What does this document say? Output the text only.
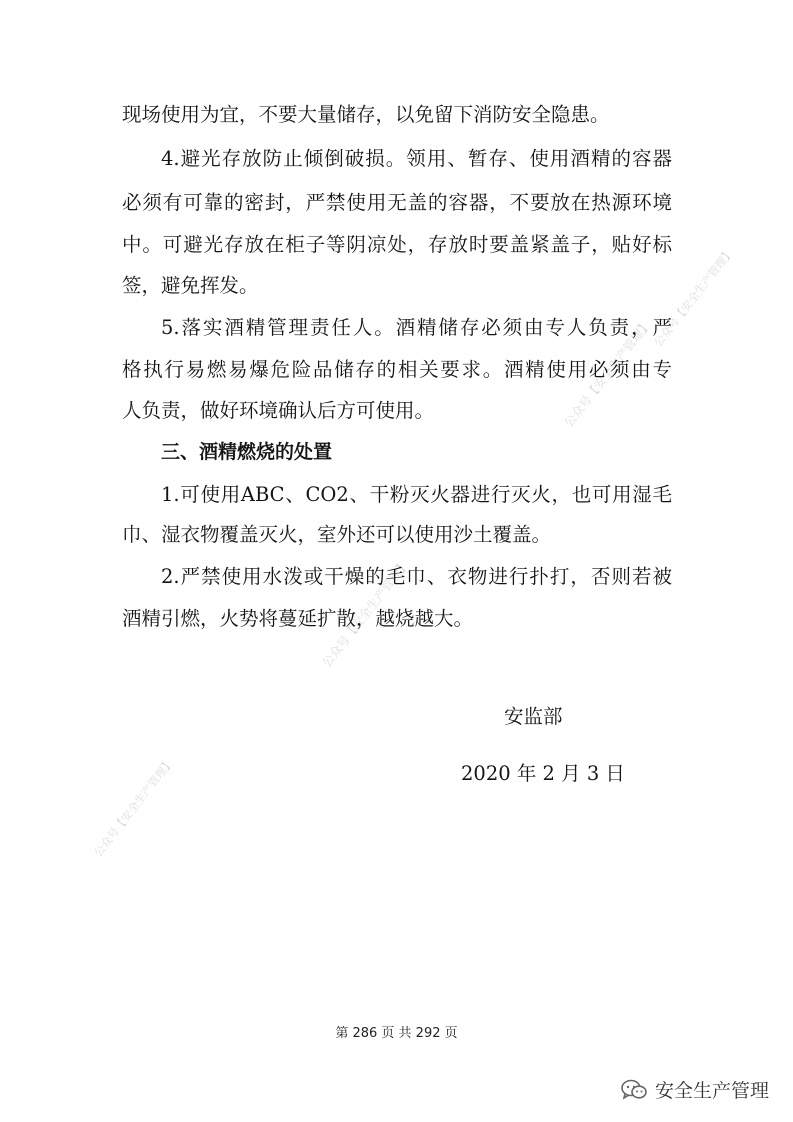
公众号【安全生产管理】
公众号【安全生产管理】
公众号【安全生产管理】
公众号【安全生产管理】
现场使用为宜，不要大量储存，以免留下消防安全隐患。
4.避光存放防止倾倒破损。领用、暂存、使用酒精的容器
必须有可靠的密封，严禁使用无盖的容器，不要放在热源环境
中。可避光存放在柜子等阴凉处，存放时要盖紧盖子，贴好标
签，避免挥发。
5.落实酒精管理责任人。酒精储存必须由专人负责，严
格执行易燃易爆危险品储存的相关要求。酒精使用必须由专
人负责，做好环境确认后方可使用。
三、酒精燃烧的处置
1.可使用ABC、CO2、干粉灭火器进行灭火，也可用湿毛
巾、湿衣物覆盖灭火，室外还可以使用沙土覆盖。
2.严禁使用水泼或干燥的毛巾、衣物进行扑打，否则若被
酒精引燃，火势将蔓延扩散，越烧越大。
安监部
2020 年 2 月 3 日
第 286 页 共 292 页
安全生产管理
